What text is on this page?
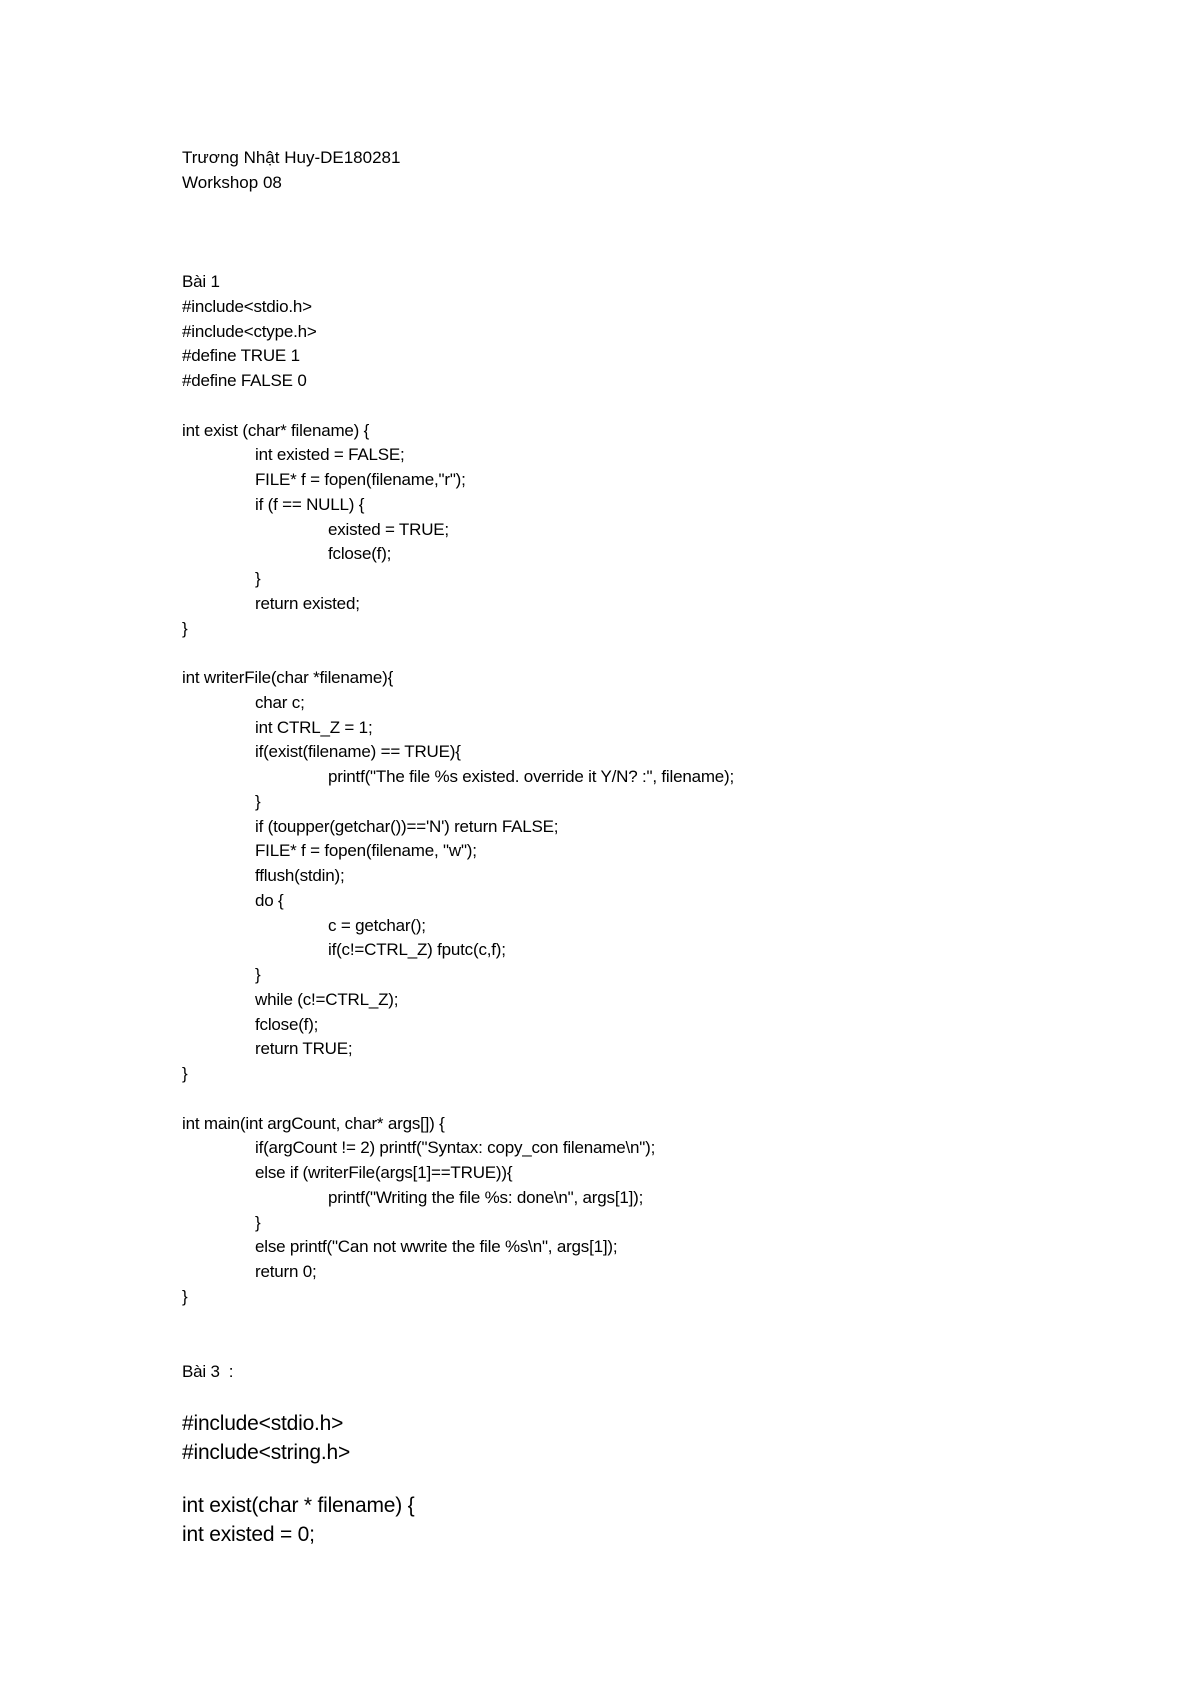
Trương Nhật Huy-DE180281
Workshop 08
Bài 1
#include<stdio.h>
#include<ctype.h>
#define TRUE 1
#define FALSE 0
int exist (char* filename) {
int existed = FALSE;
FILE* f = fopen(filename,"r");
if (f == NULL) {
existed = TRUE;
fclose(f);
}
return existed;
}
int writerFile(char *filename){
char c;
int CTRL_Z = 1;
if(exist(filename) == TRUE){
printf("The file %s existed. override it Y/N? :", filename);
}
if (toupper(getchar())=='N') return FALSE;
FILE* f = fopen(filename, "w");
fflush(stdin);
do {
c = getchar();
if(c!=CTRL_Z) fputc(c,f);
}
while (c!=CTRL_Z);
fclose(f);
return TRUE;
}
int main(int argCount, char* args[]) {
if(argCount != 2) printf("Syntax: copy_con filename\n");
else if (writerFile(args[1]==TRUE)){
printf("Writing the file %s: done\n", args[1]);
}
else printf("Can not wwrite the file %s\n", args[1]);
return 0;
}
Bài 3  :
#include<stdio.h>
#include<string.h>
int exist(char * filename) {
int existed = 0;
